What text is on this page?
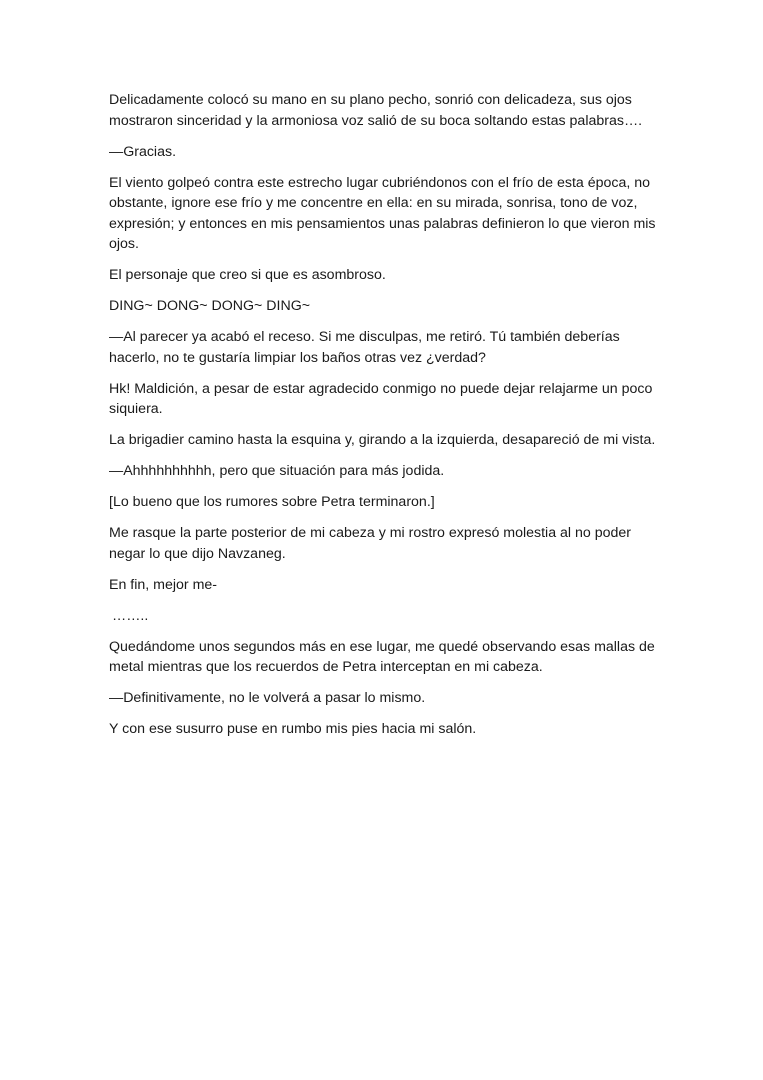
Delicadamente colocó su mano en su plano pecho, sonrió con delicadeza, sus ojos mostraron sinceridad y la armoniosa voz salió de su boca soltando estas palabras….

—Gracias.

El viento golpeó contra este estrecho lugar cubriéndonos con el frío de esta época, no obstante, ignore ese frío y me concentre en ella: en su mirada, sonrisa, tono de voz, expresión; y entonces en mis pensamientos unas palabras definieron lo que vieron mis ojos.

El personaje que creo si que es asombroso.

DING~ DONG~ DONG~ DING~

—Al parecer ya acabó el receso. Si me disculpas, me retiró. Tú también deberías hacerlo, no te gustaría limpiar los baños otras vez ¿verdad?

Hk! Maldición, a pesar de estar agradecido conmigo no puede dejar relajarme un poco siquiera.

La brigadier camino hasta la esquina y, girando a la izquierda, desapareció de mi vista.

—Ahhhhhhhhhh, pero que situación para más jodida.

[Lo bueno que los rumores sobre Petra terminaron.]

Me rasque la parte posterior de mi cabeza y mi rostro expresó molestia al no poder negar lo que dijo Navzaneg.

En fin, mejor me-

……..

Quedándome unos segundos más en ese lugar, me quedé observando esas mallas de metal mientras que los recuerdos de Petra interceptan en mi cabeza.

—Definitivamente, no le volverá a pasar lo mismo.

Y con ese susurro puse en rumbo mis pies hacia mi salón.
